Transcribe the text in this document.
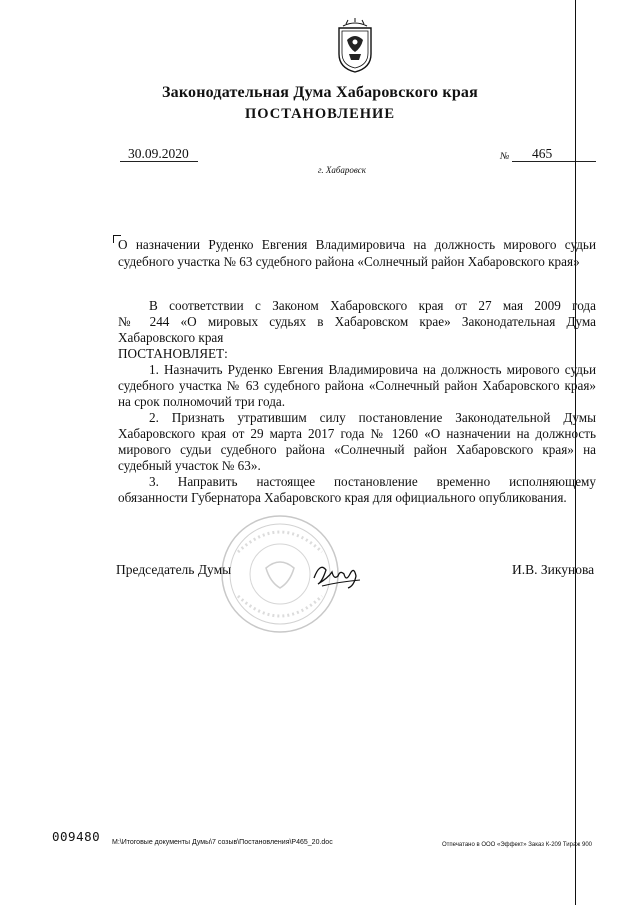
Законодательная Дума Хабаровского края
ПОСТАНОВЛЕНИЕ
30.09.2020	№ 465
г. Хабаровск
О назначении Руденко Евгения Владимировича на должность мирового судьи
судебного участка № 63 судебного района «Солнечный район Хабаровского края»
В соответствии с Законом Хабаровского края от 27 мая 2009 года
№ 244 «О мировых судьях в Хабаровском крае» Законодательная Дума
Хабаровского края
ПОСТАНОВЛЯЕТ:
1. Назначить Руденко Евгения Владимировича на должность мирового судьи
судебного участка № 63 судебного района «Солнечный район Хабаровского края»
на срок полномочий три года.
2. Признать утратившим силу постановление Законодательной Думы
Хабаровского края от 29 марта 2017 года № 1260 «О назначении на должность
мирового судьи судебного района «Солнечный район Хабаровского края» на
судебный участок № 63».
3. Направить настоящее постановление временно исполняющему
обязанности Губернатора Хабаровского края для официального опубликования.
Председатель Думы	И.В. Зикунова
009480 M:\Итоговые документы Думы\7 созыв\Постановления\Р465_20.doc	Отпечатано в ООО «Эффект» Заказ К-209 Тираж 900
